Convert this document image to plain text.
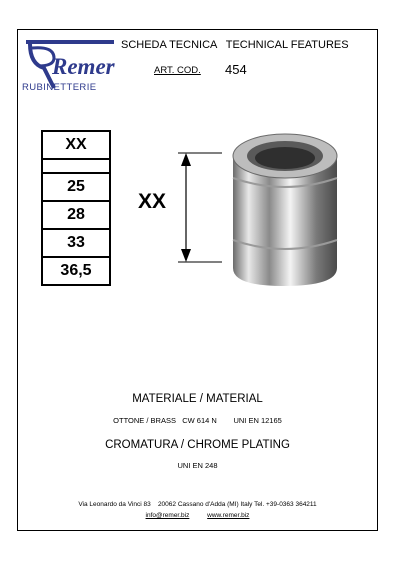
Remer
RUBINETTERIE
SCHEDA TECNICA   TECHNICAL FEATURES
ART. COD. 454
XX

25
28
33
36,5
XX
MATERIALE / MATERIAL
OTTONE / BRASS   CW 614 N        UNI EN 12165
CROMATURA / CHROME PLATING
UNI EN 248
Via Leonardo da Vinci 83    20062 Cassano d'Adda (MI) Italy Tel. +39-0363 364211
info@remer.biz	www.remer.biz
